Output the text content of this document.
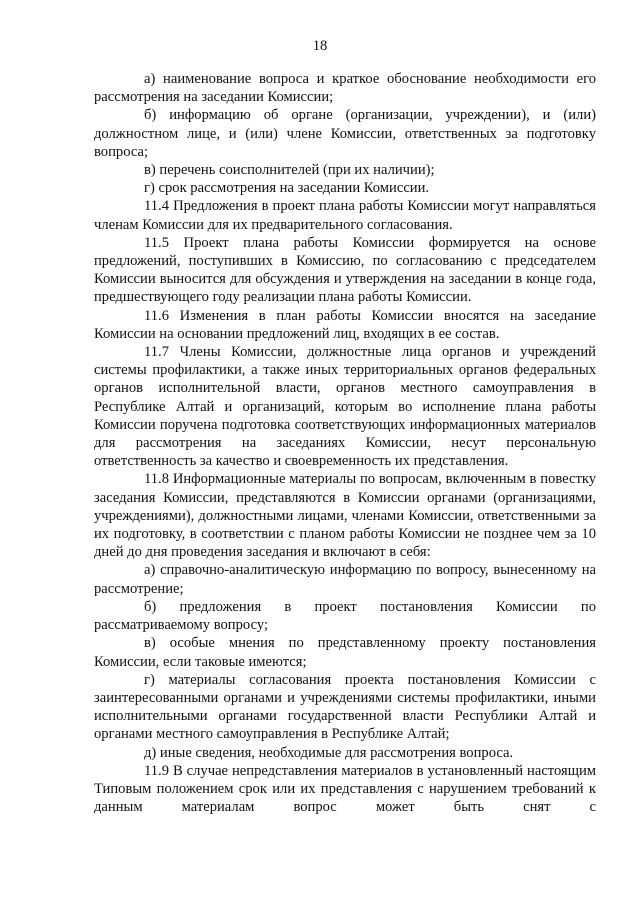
18

а) наименование вопроса и краткое обоснование необходимости его рассмотрения на заседании Комиссии;

б) информацию об органе (организации, учреждении), и (или) должностном лице, и (или) члене Комиссии, ответственных за подготовку вопроса;

в) перечень соисполнителей (при их наличии);

г) срок рассмотрения на заседании Комиссии.

11.4 Предложения в проект плана работы Комиссии могут направляться членам Комиссии для их предварительного согласования.

11.5 Проект плана работы Комиссии формируется на основе предложений, поступивших в Комиссию, по согласованию с председателем Комиссии выносится для обсуждения и утверждения на заседании в конце года, предшествующего году реализации плана работы Комиссии.

11.6 Изменения в план работы Комиссии вносятся на заседание Комиссии на основании предложений лиц, входящих в ее состав.

11.7 Члены Комиссии, должностные лица органов и учреждений системы профилактики, а также иных территориальных органов федеральных органов исполнительной власти, органов местного самоуправления в Республике Алтай и организаций, которым во исполнение плана работы Комиссии поручена подготовка соответствующих информационных материалов для рассмотрения на заседаниях Комиссии, несут персональную ответственность за качество и своевременность их представления.

11.8 Информационные материалы по вопросам, включенным в повестку заседания Комиссии, представляются в Комиссии органами (организациями, учреждениями), должностными лицами, членами Комиссии, ответственными за их подготовку, в соответствии с планом работы Комиссии не позднее чем за 10 дней до дня проведения заседания и включают в себя:

а) справочно-аналитическую информацию по вопросу, вынесенному на рассмотрение;

б) предложения в проект постановления Комиссии по рассматриваемому вопросу;

в) особые мнения по представленному проекту постановления Комиссии, если таковые имеются;

г) материалы согласования проекта постановления Комиссии с заинтересованными органами и учреждениями системы профилактики, иными исполнительными органами государственной власти Республики Алтай и органами местного самоуправления в Республике Алтай;

д) иные сведения, необходимые для рассмотрения вопроса.

11.9 В случае непредставления материалов в установленный настоящим Типовым положением срок или их представления с нарушением требований к данным материалам вопрос может быть снят с
